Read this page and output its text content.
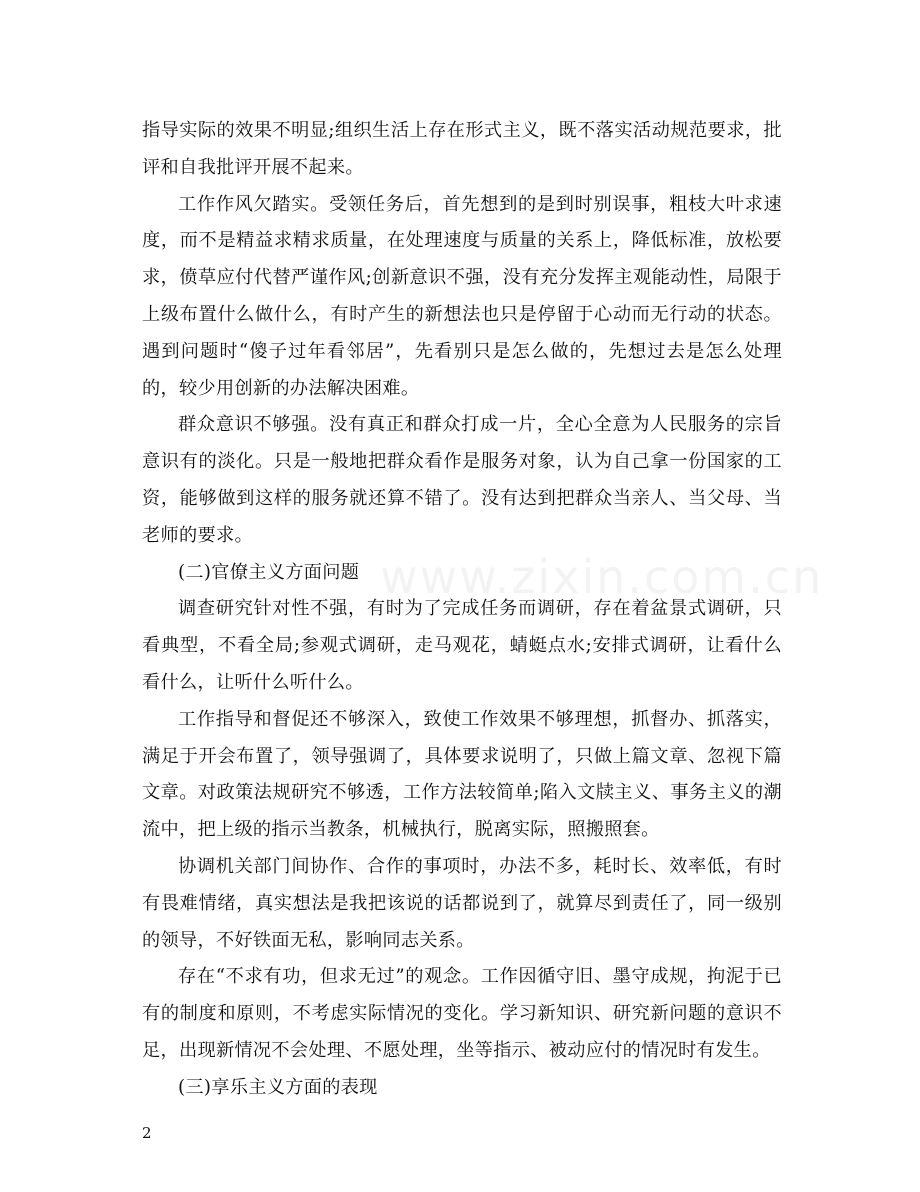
指导实际的效果不明显;组织生活上存在形式主义，既不落实活动规范要求，批评和自我批评开展不起来。

工作作风欠踏实。受领任务后，首先想到的是到时别误事，粗枝大叶求速度，而不是精益求精求质量，在处理速度与质量的关系上，降低标准，放松要求，偾草应付代替严谨作风;创新意识不强，没有充分发挥主观能动性，局限于上级布置什么做什么，有时产生的新想法也只是停留于心动而无行动的状态。遇到问题时“傻子过年看邻居”，先看别只是怎么做的，先想过去是怎么处理的，较少用创新的办法解决困难。

群众意识不够强。没有真正和群众打成一片，全心全意为人民服务的宗旨意识有的淡化。只是一般地把群众看作是服务对象，认为自己拿一份国家的工资，能够做到这样的服务就还算不错了。没有达到把群众当亲人、当父母、当老师的要求。

(二)官僚主义方面问题

调查研究针对性不强，有时为了完成任务而调研，存在着盆景式调研，只看典型，不看全局;参观式调研，走马观花，蜻蜓点水;安排式调研，让看什么看什么，让听什么听什么。

工作指导和督促还不够深入，致使工作效果不够理想，抓督办、抓落实，满足于开会布置了，领导强调了，具体要求说明了，只做上篇文章、忽视下篇文章。对政策法规研究不够透，工作方法较简单;陷入文牍主义、事务主义的潮流中，把上级的指示当教条，机械执行，脱离实际，照搬照套。

协调机关部门间协作、合作的事项时，办法不多，耗时长、效率低，有时有畏难情绪，真实想法是我把该说的话都说到了，就算尽到责任了，同一级别的领导，不好铁面无私，影响同志关系。

存在“不求有功，但求无过”的观念。工作因循守旧、墨守成规，拘泥于已有的制度和原则，不考虑实际情况的变化。学习新知识、研究新问题的意识不足，出现新情况不会处理、不愿处理，坐等指示、被动应付的情况时有发生。

(三)享乐主义方面的表现

www.zixin.com.cn
2
